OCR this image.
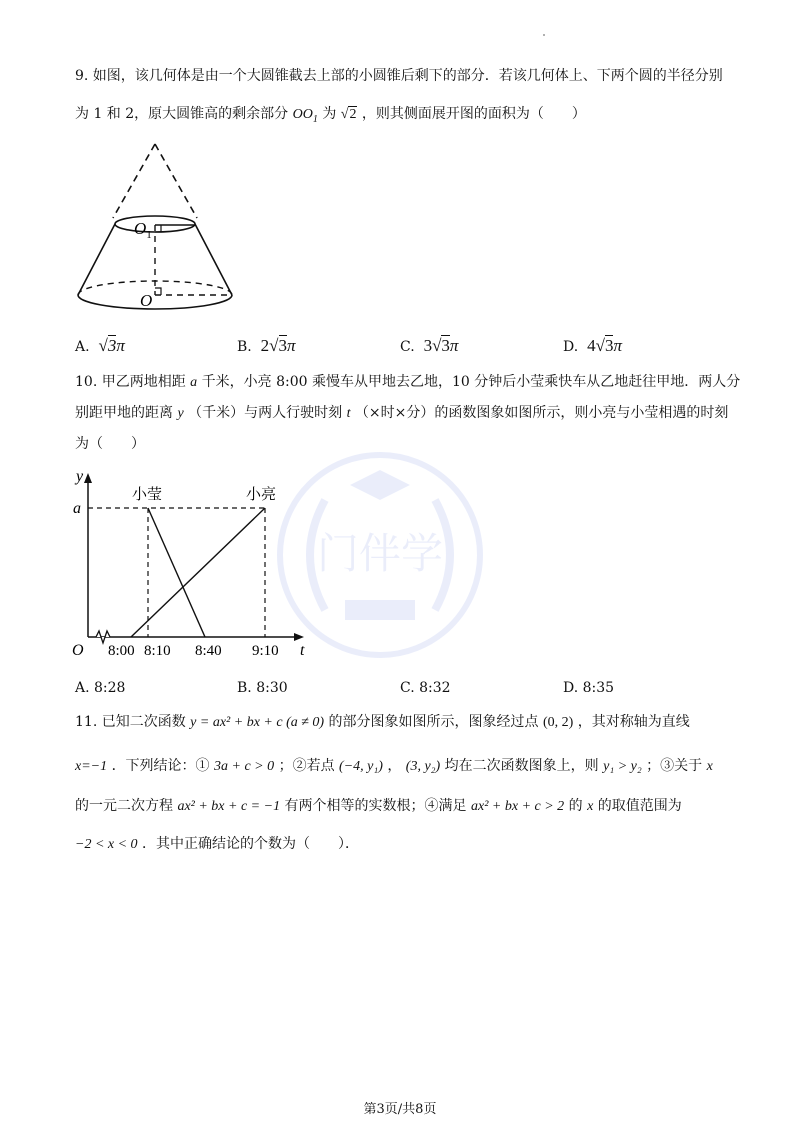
门伴学
9. 如图，该几何体是由一个大圆锥截去上部的小圆锥后剩下的部分．若该几何体上、下两个圆的半径分别
为 1 和 2，原大圆锥高的剩余部分 $OO_1$ 为 √2 ，则其侧面展开图的面积为（　　）
$O_1$
O
A. √3π	B. 2√3π	C. 3√3π	D. 4√3π
10. 甲乙两地相距 a 千米，小亮 8:00 乘慢车从甲地去乙地，10 分钟后小莹乘快车从乙地赶往甲地．两人分
别距甲地的距离 y （千米）与两人行驶时刻 t （×时×分）的函数图象如图所示，则小亮与小莹相遇的时刻
为（　　）
y
t
a
O
小莹	小亮
8:00 8:10 8:40 9:10
A. 8:28	B. 8:30	C. 8:32	D. 8:35
11. 已知二次函数 y = ax² + bx + c (a ≠ 0) 的部分图象如图所示，图象经过点 (0, 2) ，其对称轴为直线
x=−1 ．下列结论：① 3a + c > 0 ；②若点 (−4, y₁) ， (3, y₂) 均在二次函数图象上，则 y₁ > y₂ ；③关于 x
的一元二次方程 ax² + bx + c = −1 有两个相等的实数根；④满足 ax² + bx + c > 2 的 x 的取值范围为
−2 < x < 0 ．其中正确结论的个数为（　　）．
第3页/共8页
